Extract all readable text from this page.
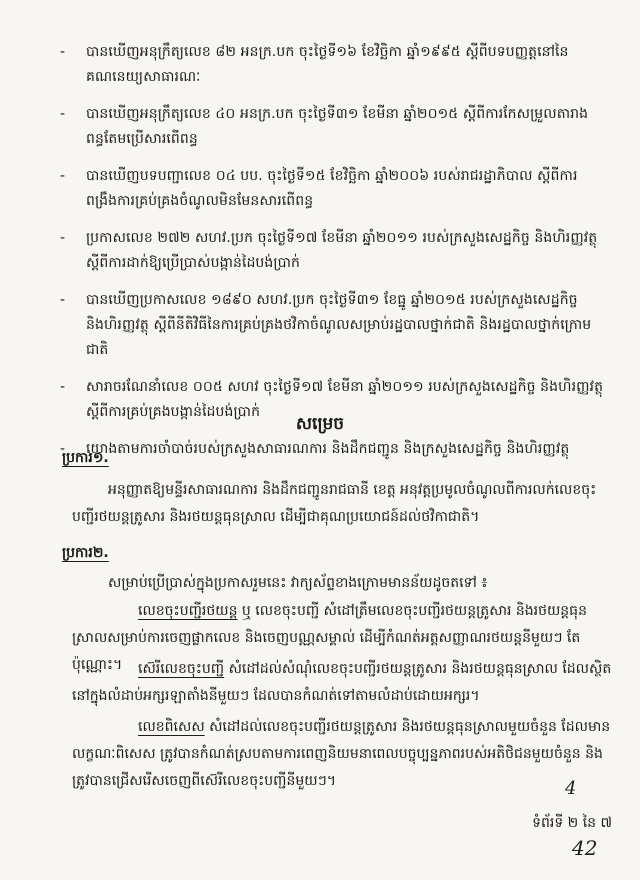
-	បានឃើញអនុក្រឹត្យលេខ ៨២ អនក្រ.បក ចុះថ្ងៃទី១៦ ខែវិច្ឆិកា ឆ្នាំ១៩៩៥ ស្តីពីបទបញ្ញត្តនៅនៃគណនេយ្យសាធារណៈ
-	បានឃើញអនុក្រឹត្យលេខ ៤០ អនក្រ.បក ចុះថ្ងៃទី៣១ ខែមីនា ឆ្នាំ២០១៥ ស្តីពីការកែសម្រួលតារាងពន្ធតែមប្រើសារពើពន្ធ
-	បានឃើញបទបញ្ជាលេខ ០៤ បប. ចុះថ្ងៃទី១៥ ខែវិច្ឆិកា ឆ្នាំ២០០៦ របស់រាជរដ្ឋាភិបាល ស្តីពីការពង្រឹងការគ្រប់គ្រងចំណូលមិនមែនសារពើពន្ធ
-	ប្រកាសលេខ ២៧២ សហវ.ប្រក ចុះថ្ងៃទី១៧ ខែមីនា ឆ្នាំ២០១១ របស់ក្រសួងសេដ្ឋកិច្ច និងហិរញ្ញវត្ថុ ស្តីពីការដាក់ឱ្យប្រើប្រាស់បង្កាន់ដៃបង់ប្រាក់
-	បានឃើញប្រកាសលេខ ១៨៩០ សហវ.ប្រក ចុះថ្ងៃទី៣១ ខែធ្នូ ឆ្នាំ២០១៥ របស់ក្រសួងសេដ្ឋកិច្ច និងហិរញ្ញវត្ថុ ស្តីពីនីតិវិធីនៃការគ្រប់គ្រងថវិកាចំណូលសម្រាប់រដ្ឋបាលថ្នាក់ជាតិ និងរដ្ឋបាលថ្នាក់ក្រោមជាតិ
-	សារាចរណែនាំលេខ ០០៥ សហវ ចុះថ្ងៃទី១៧ ខែមីនា ឆ្នាំ២០១១ របស់ក្រសួងសេដ្ឋកិច្ច និងហិរញ្ញវត្ថុ ស្តីពីការគ្រប់គ្រងបង្កាន់ដៃបង់ប្រាក់
-	យោងតាមការចាំបាច់របស់ក្រសួងសាធារណការ និងដឹកជញ្ជូន និងក្រសួងសេដ្ឋកិច្ច និងហិរញ្ញវត្ថុ
សម្រេច
ប្រការ១.
អនុញ្ញាតឱ្យមន្ទីរសាធារណការ និងដឹកជញ្ជូនរាជធានី ខេត្ត អនុវត្តប្រមូលចំណូលពីការលក់លេខចុះបញ្ជីរថយន្តត្រូសារ និងរថយន្តធុនស្រាល ដើម្បីជាគុណប្រយោជន៍ដល់ថវិកាជាតិ។
ប្រការ២.
សម្រាប់ប្រើប្រាស់ក្នុងប្រកាសរួមនេះ វាក្យស័ព្ទខាងក្រោមមានន័យដូចតទៅ ៖
លេខចុះបញ្ជីរថយន្ត ឬ លេខចុះបញ្ជី សំដៅត្រឹមលេខចុះបញ្ជីរថយន្តត្រូសារ និងរថយន្តធុនស្រាលសម្រាប់ការចេញផ្លាកលេខ និងចេញបណ្ណសម្គាល់ ដើម្បីកំណត់អត្តសញ្ញាណរថយន្តនីមួយៗ តែប៉ុណ្ណោះ។	ស៊េរីលេខចុះបញ្ជី សំដៅដល់សំណុំលេខចុះបញ្ជីរថយន្តត្រូសារ និងរថយន្តធុនស្រាល ដែលស្ថិតនៅក្នុងលំដាប់អក្សរឡាតាំងនីមួយៗ ដែលបានកំណត់ទៅតាមលំដាប់ដោយអក្សរ។
លេខពិសេស សំដៅដល់លេខចុះបញ្ជីរថយន្តត្រូសារ និងរថយន្តធុនស្រាលមួយចំនួន ដែលមានលក្ខណៈពិសេស ត្រូវបានកំណត់ស្របតាមការពេញនិយមនាពេលបច្ចុប្បន្នភាពរបស់អតិថិជនមួយចំនួន និងត្រូវបានជ្រើសរើសចេញពីស៊េរីលេខចុះបញ្ជីនីមួយៗ។	4
ទំព័រទី ២ នៃ ៧
42
